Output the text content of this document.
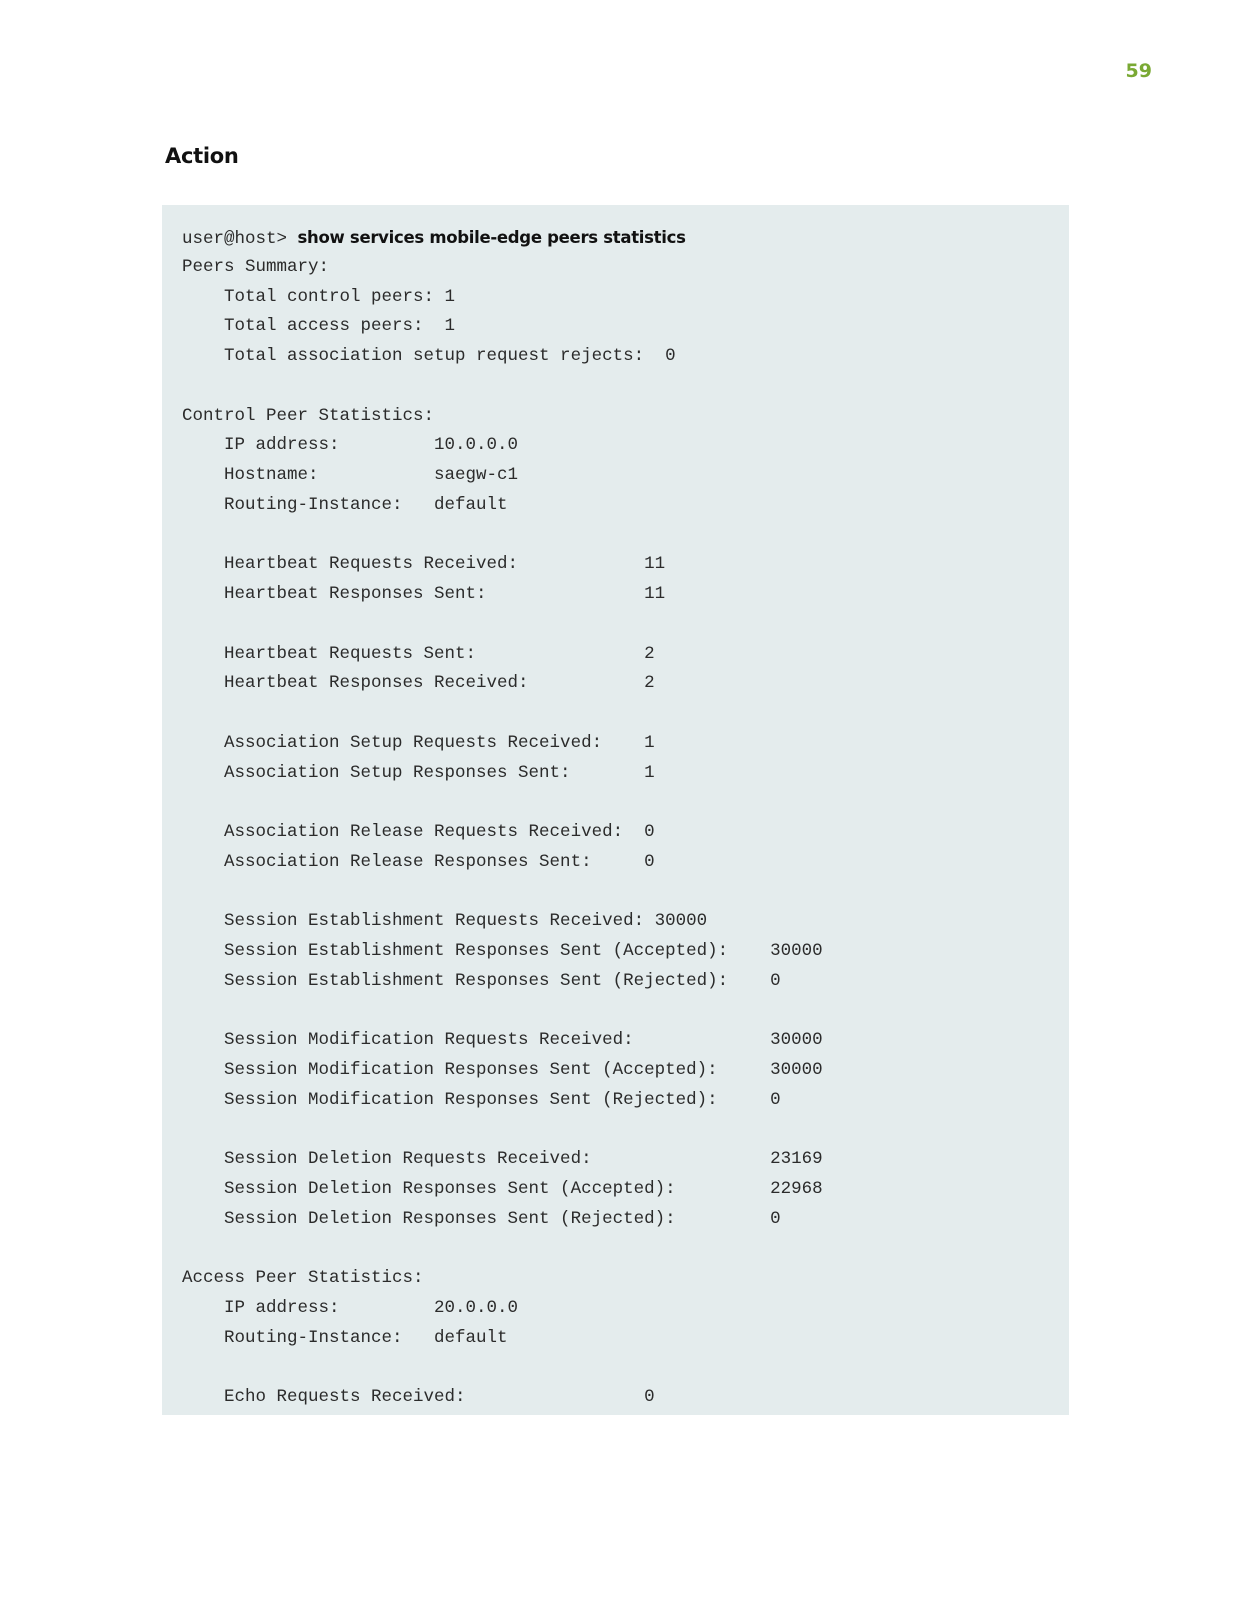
59
Action
user@host> show services mobile-edge peers statistics
Peers Summary:
Total control peers: 1
Total access peers:  1
Total association setup request rejects:  0
Control Peer Statistics:
IP address:         10.0.0.0
Hostname:           saegw-c1
Routing-Instance:   default
Heartbeat Requests Received:            11
Heartbeat Responses Sent:               11
Heartbeat Requests Sent:                2
Heartbeat Responses Received:           2
Association Setup Requests Received:    1
Association Setup Responses Sent:       1
Association Release Requests Received:  0
Association Release Responses Sent:     0
Session Establishment Requests Received: 30000
Session Establishment Responses Sent (Accepted):    30000
Session Establishment Responses Sent (Rejected):    0
Session Modification Requests Received:             30000
Session Modification Responses Sent (Accepted):     30000
Session Modification Responses Sent (Rejected):     0
Session Deletion Requests Received:                 23169
Session Deletion Responses Sent (Accepted):         22968
Session Deletion Responses Sent (Rejected):         0
Access Peer Statistics:
IP address:         20.0.0.0
Routing-Instance:   default
Echo Requests Received:                 0
